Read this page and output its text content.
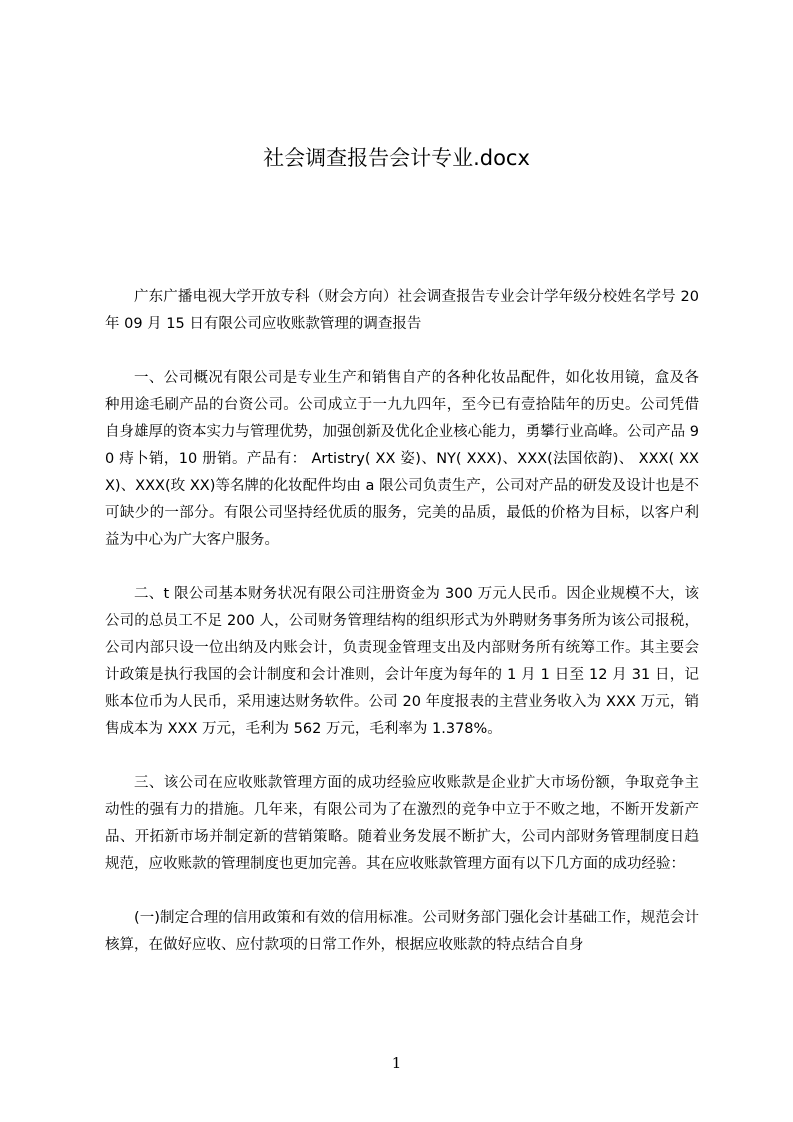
社会调查报告会计专业.docx

广东广播电视大学开放专科（财会方向）社会调查报告专业会计学年级分校姓名学号 20 年 09 月 15 日有限公司应收账款管理的调查报告

一、公司概况有限公司是专业生产和销售自产的各种化妆品配件，如化妆用镜，盒及各种用途毛刷产品的台资公司。公司成立于一九九四年，至今已有壹拾陆年的历史。公司凭借自身雄厚的资本实力与管理优势，加强创新及优化企业核心能力，勇攀行业高峰。公司产品 90 痔卜销，10 册销。产品有： Artistry( XX 姿)、NY( XXX)、XXX(法国依韵)、 XXX( XXX)、XXX(玫 XX)等名牌的化妆配件均由 a 限公司负责生产，公司对产品的研发及设计也是不可缺少的一部分。有限公司坚持经优质的服务，完美的品质，最低的价格为目标，以客户利益为中心为广大客户服务。

二、t 限公司基本财务状况有限公司注册资金为 300 万元人民币。因企业规模不大，该公司的总员工不足 200 人，公司财务管理结构的组织形式为外聘财务事务所为该公司报税，公司内部只设一位出纳及内账会计，负责现金管理支出及内部财务所有统筹工作。其主要会计政策是执行我国的会计制度和会计准则，会计年度为每年的 1 月 1 日至 12 月 31 日，记账本位币为人民币，采用速达财务软件。公司 20 年度报表的主营业务收入为 XXX 万元，销售成本为 XXX 万元，毛利为 562 万元，毛利率为 1.378%。

三、该公司在应收账款管理方面的成功经验应收账款是企业扩大市场份额，争取竞争主动性的强有力的措施。几年来，有限公司为了在激烈的竞争中立于不败之地，不断开发新产品、开拓新市场并制定新的营销策略。随着业务发展不断扩大，公司内部财务管理制度日趋规范，应收账款的管理制度也更加完善。其在应收账款管理方面有以下几方面的成功经验：

(一)制定合理的信用政策和有效的信用标准。公司财务部门强化会计基础工作，规范会计核算，在做好应收、应付款项的日常工作外，根据应收账款的特点结合自身

1
